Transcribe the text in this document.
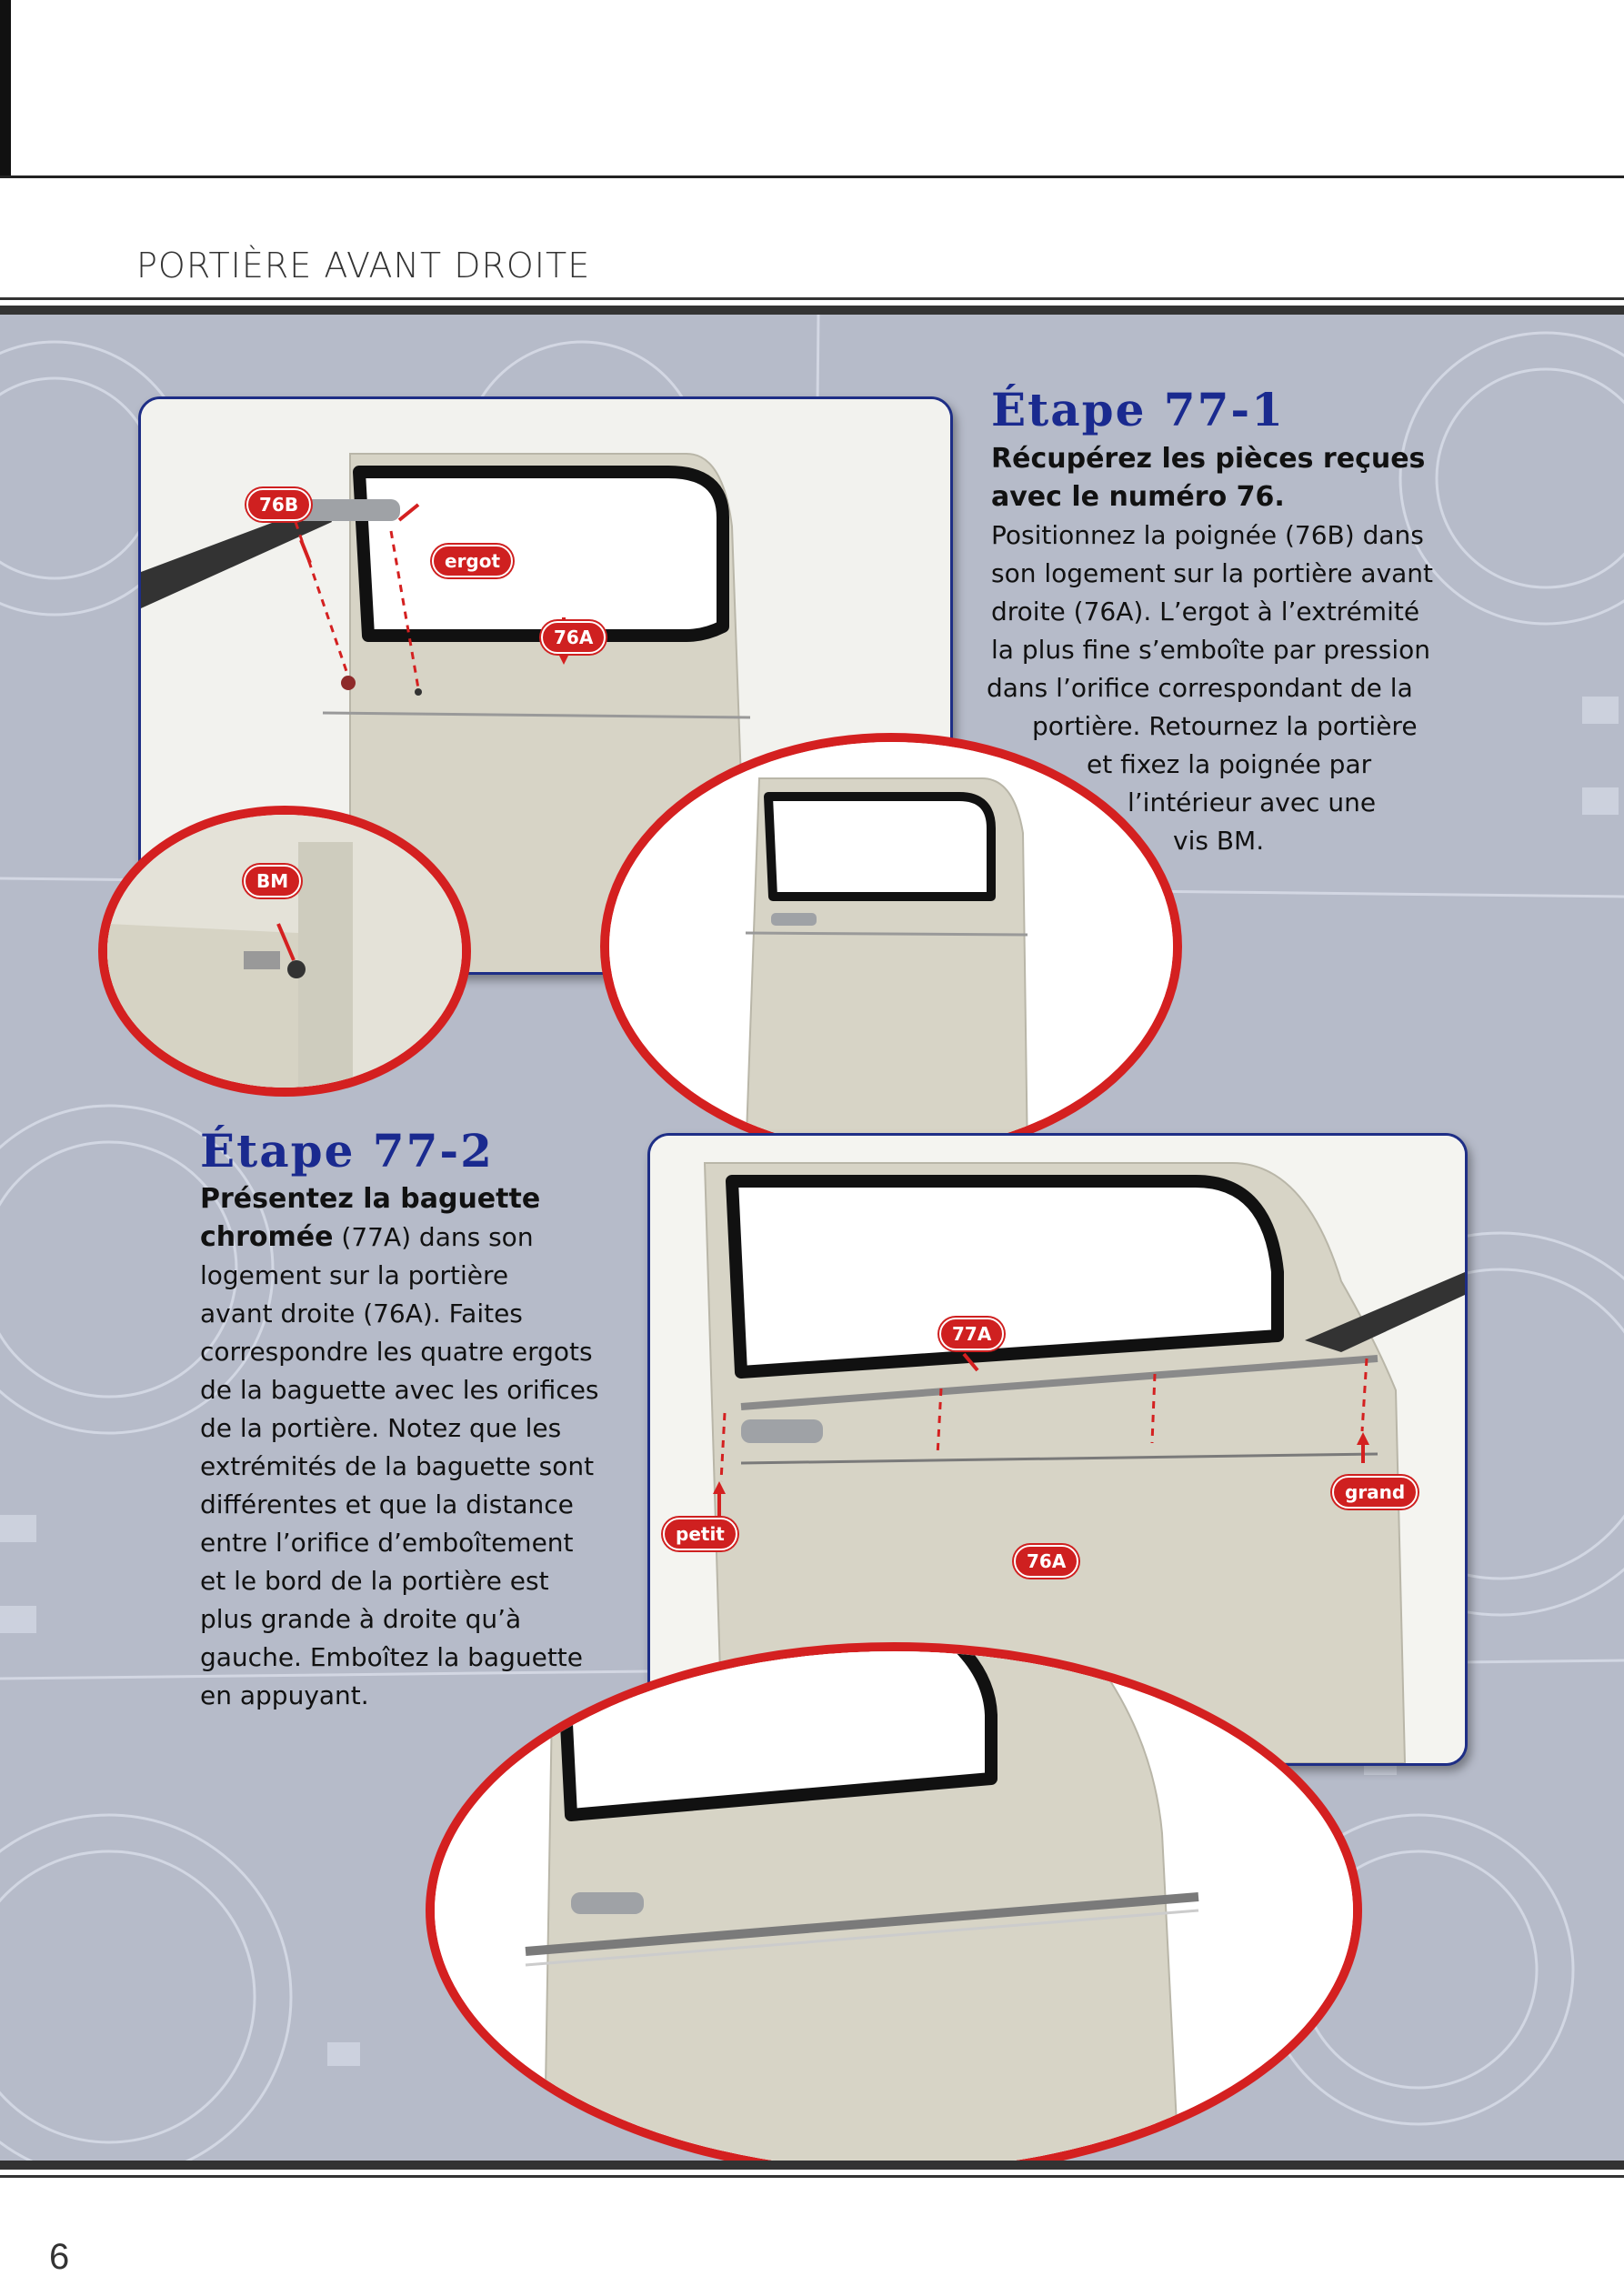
PORTIÈRE AVANT DROITE
76B
ergot
76A
BM
Étape 77-1
Récupérez les pièces reçues avec le numéro 76.
Positionnez la poignée (76B) dans
son logement sur la portière avant
droite (76A). L’ergot à l’extrémité
la plus fine s’emboîte par pression
dans l’orifice correspondant de la
portière. Retournez la portière
et fixez la poignée par
l’intérieur avec une
vis BM.
77A
petit
grand
76A
Étape 77-2
Présentez la baguette
chromée (77A) dans son
logement sur la portière
avant droite (76A). Faites
correspondre les quatre ergots
de la baguette avec les orifices
de la portière. Notez que les
extrémités de la baguette sont
différentes et que la distance
entre l’orifice d’emboîtement
et le bord de la portière est
plus grande à droite qu’à
gauche. Emboîtez la baguette
en appuyant.
6
